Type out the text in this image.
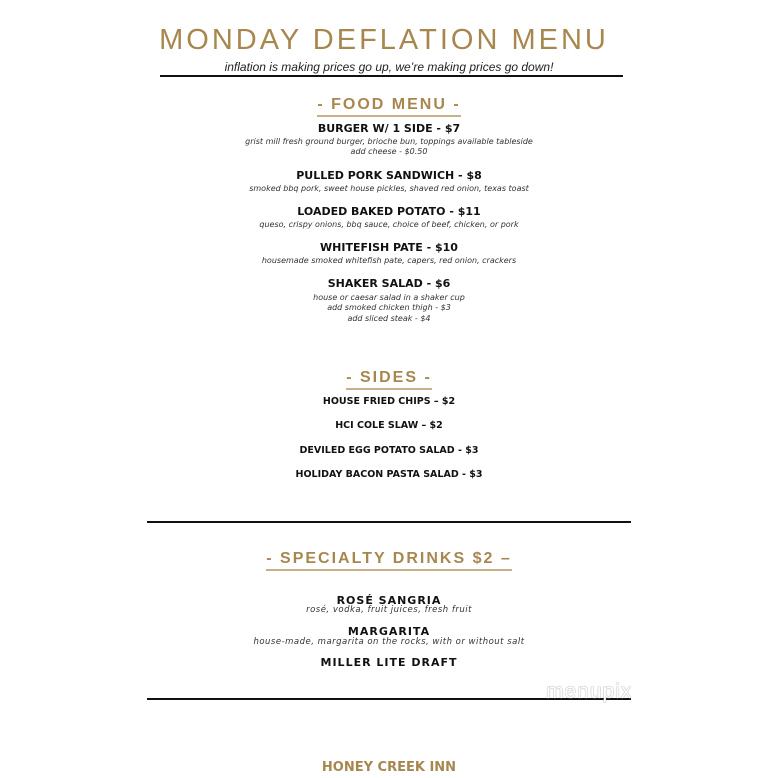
MONDAY DEFLATION MENU
inflation is making prices go up, we’re making prices go down!
- FOOD MENU -
BURGER W/ 1 SIDE - $7
grist mill fresh ground burger, brioche bun, toppings available tableside
add cheese - $0.50
PULLED PORK SANDWICH - $8
smoked bbq pork, sweet house pickles, shaved red onion, texas toast
LOADED BAKED POTATO - $11
queso, crispy onions, bbq sauce, choice of beef, chicken, or pork
WHITEFISH PATE - $10
housemade smoked whitefish pate, capers, red onion, crackers
SHAKER SALAD - $6
house or caesar salad in a shaker cup
add smoked chicken thigh - $3
add sliced steak - $4
- SIDES -
HOUSE FRIED CHIPS – $2
HCI COLE SLAW – $2
DEVILED EGG POTATO SALAD - $3
HOLIDAY BACON PASTA SALAD - $3
- SPECIALTY DRINKS $2 –
ROSÉ SANGRIA
rosé, vodka, fruit juices, fresh fruit
MARGARITA
house-made, margarita on the rocks, with or without salt
MILLER LITE DRAFT
menupix
HONEY CREEK INN
